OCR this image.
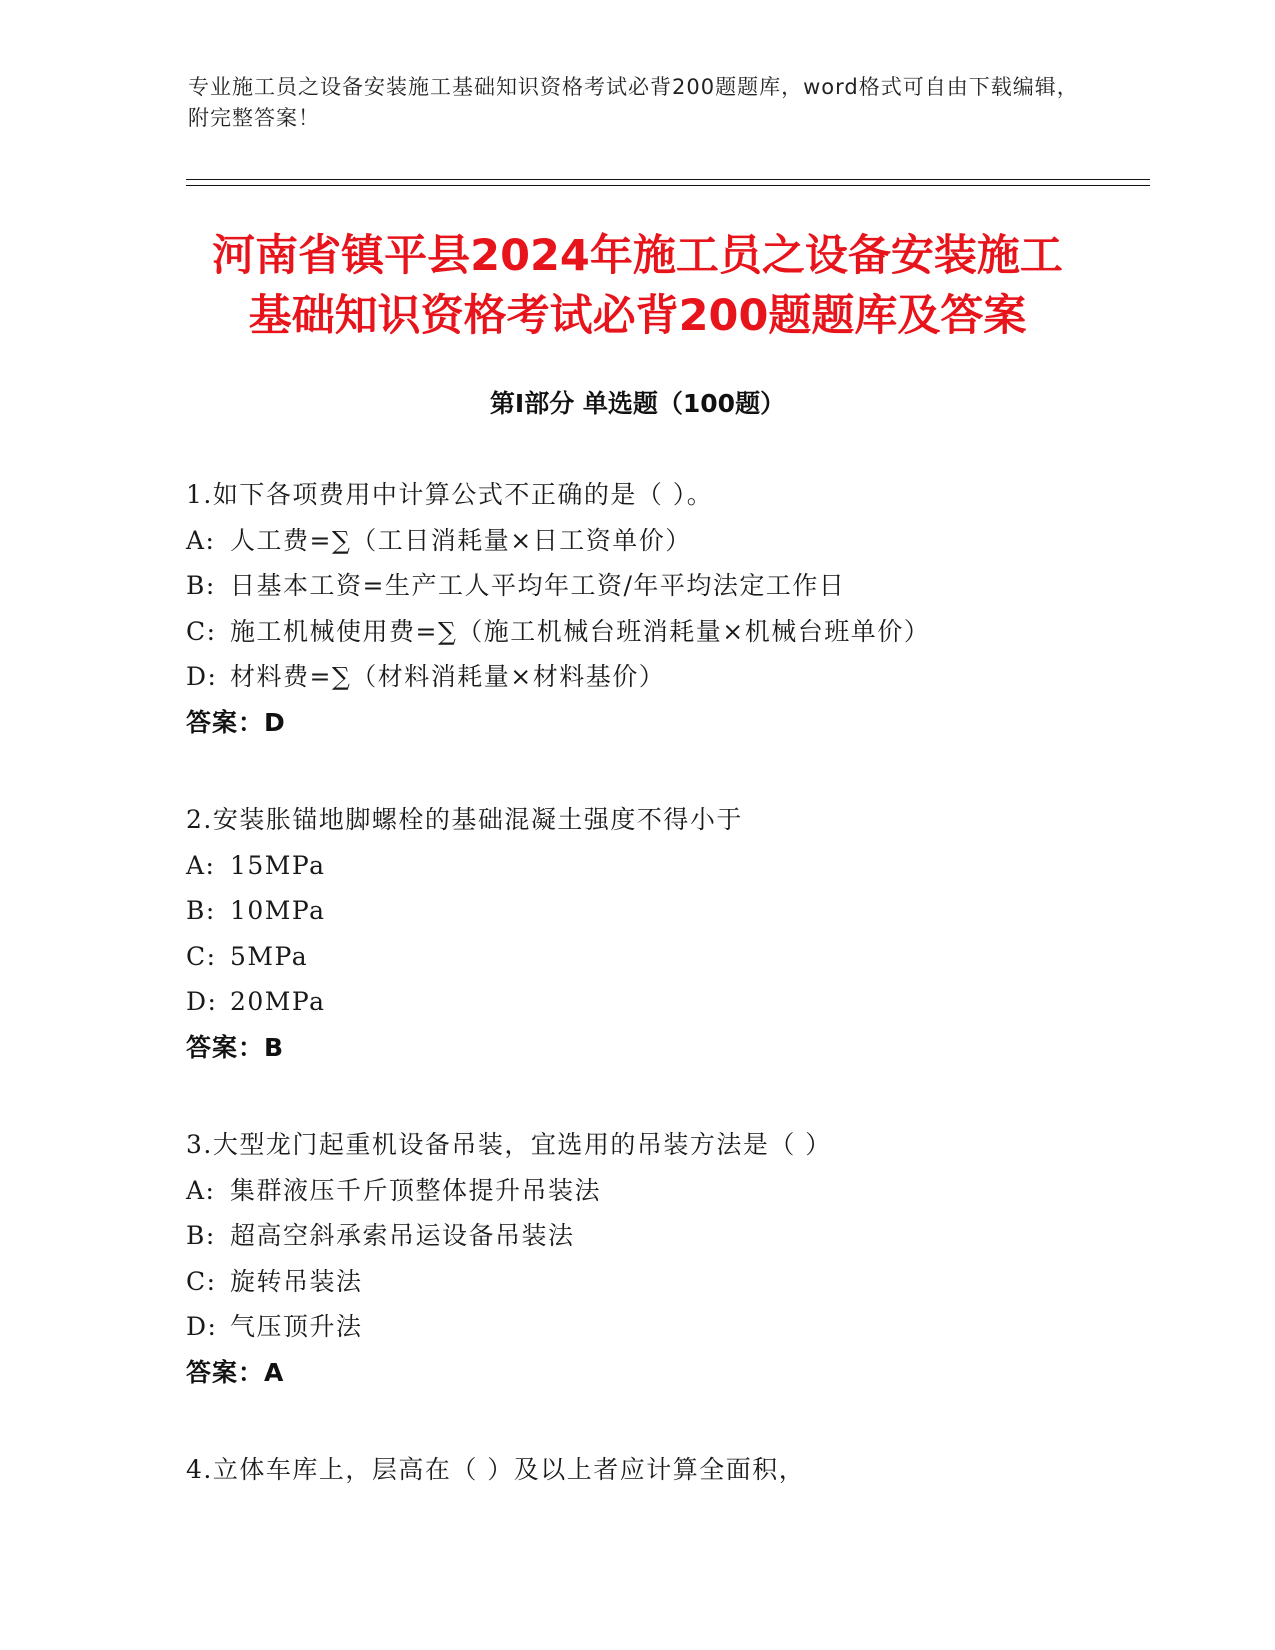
专业施工员之设备安装施工基础知识资格考试必背200题题库，word格式可自由下载编辑，附完整答案！
河南省镇平县2024年施工员之设备安装施工
基础知识资格考试必背200题题库及答案
第Ⅰ部分 单选题（100题）
1.如下各项费用中计算公式不正确的是（ ）。
A: 人工费=∑（工日消耗量×日工资单价）
B: 日基本工资=生产工人平均年工资/年平均法定工作日
C: 施工机械使用费=∑（施工机械台班消耗量×机械台班单价）
D: 材料费=∑（材料消耗量×材料基价）
答案：D
2.安装胀锚地脚螺栓的基础混凝土强度不得小于
A: 15MPa
B: 10MPa
C: 5MPa
D: 20MPa
答案：B
3.大型龙门起重机设备吊装，宜选用的吊装方法是（ ）
A: 集群液压千斤顶整体提升吊装法
B: 超高空斜承索吊运设备吊装法
C: 旋转吊装法
D: 气压顶升法
答案：A
4.立体车库上，层高在（ ）及以上者应计算全面积，
